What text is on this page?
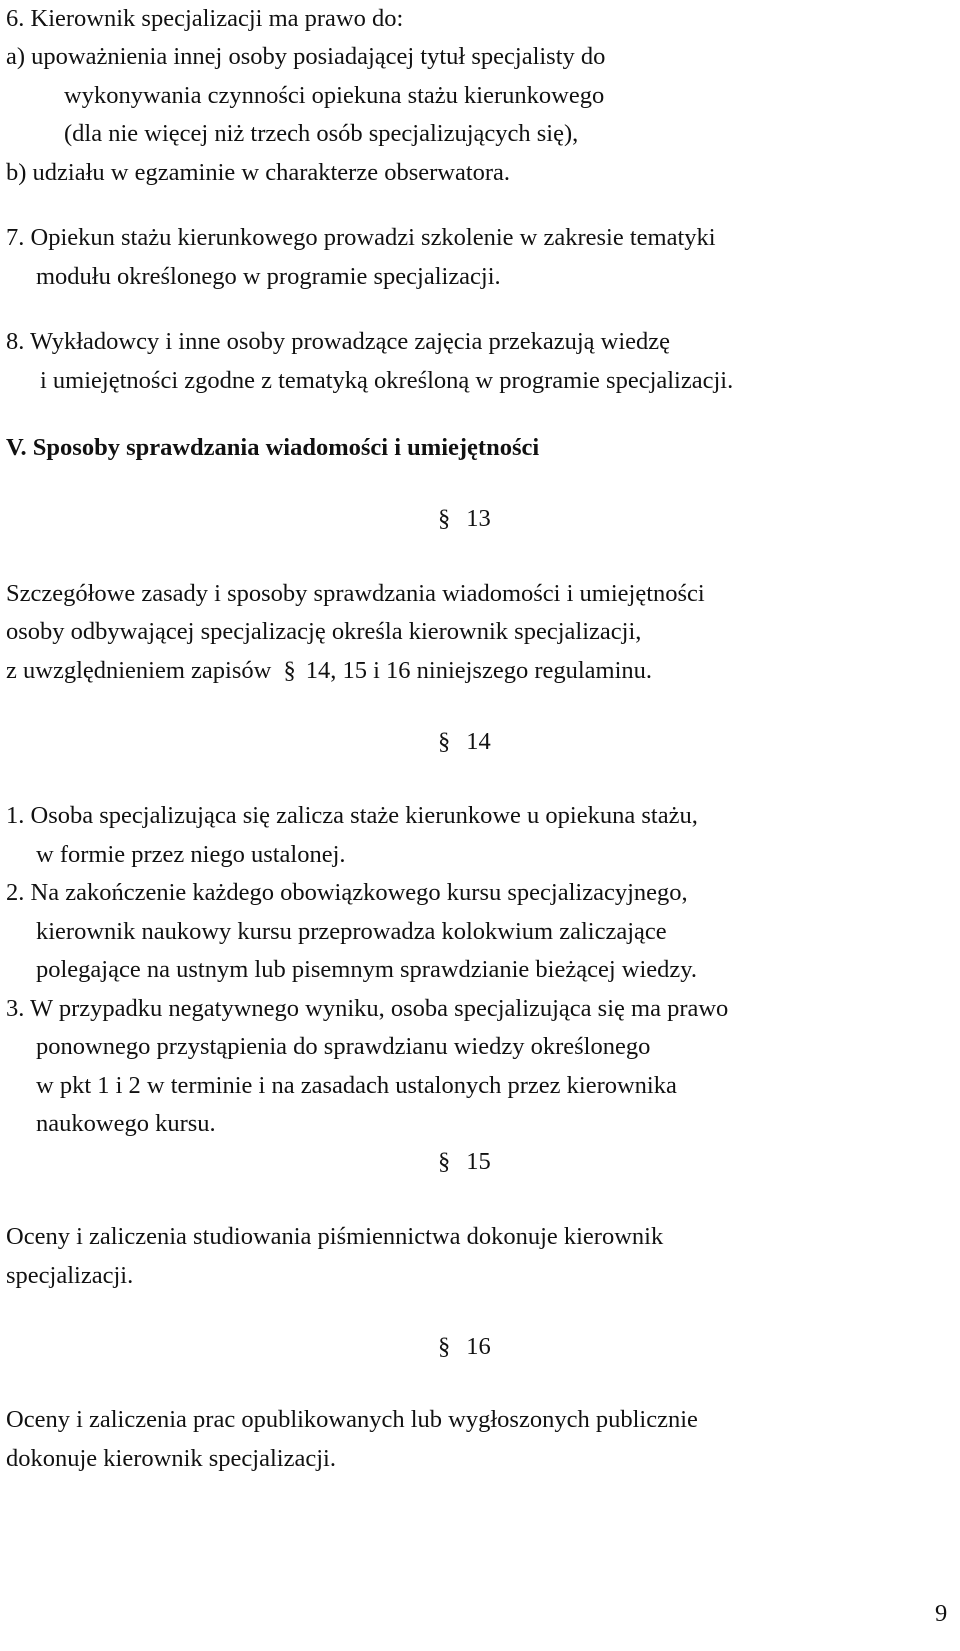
6. Kierownik specjalizacji ma prawo do:
a) upoważnienia innej osoby posiadającej tytuł specjalisty do
wykonywania czynności opiekuna stażu kierunkowego
(dla nie więcej niż trzech osób specjalizujących się),
b) udziału w egzaminie w charakterze obserwatora.
7. Opiekun stażu kierunkowego prowadzi szkolenie w zakresie tematyki
modułu określonego w programie specjalizacji.
8. Wykładowcy i inne osoby prowadzące zajęcia przekazują wiedzę
i umiejętności zgodne z tematyką określoną w programie specjalizacji.
V. Sposoby sprawdzania wiadomości i umiejętności
§ 13
Szczegółowe zasady i sposoby sprawdzania wiadomości i umiejętności
osoby odbywającej specjalizację określa kierownik specjalizacji,
z uwzględnieniem zapisów § 14, 15 i 16 niniejszego regulaminu.
§ 14
1. Osoba specjalizująca się zalicza staże kierunkowe u opiekuna stażu,
w formie przez niego ustalonej.
2. Na zakończenie każdego obowiązkowego kursu specjalizacyjnego,
kierownik naukowy kursu przeprowadza kolokwium zaliczające
polegające na ustnym lub pisemnym sprawdzianie bieżącej wiedzy.
3. W przypadku negatywnego wyniku, osoba specjalizująca się ma prawo
ponownego przystąpienia do sprawdzianu wiedzy określonego
w pkt 1 i 2 w terminie i na zasadach ustalonych przez kierownika
naukowego kursu.
§ 15
Oceny i zaliczenia studiowania piśmiennictwa dokonuje kierownik
specjalizacji.
§ 16
Oceny i zaliczenia prac opublikowanych lub wygłoszonych publicznie
dokonuje kierownik specjalizacji.
9
